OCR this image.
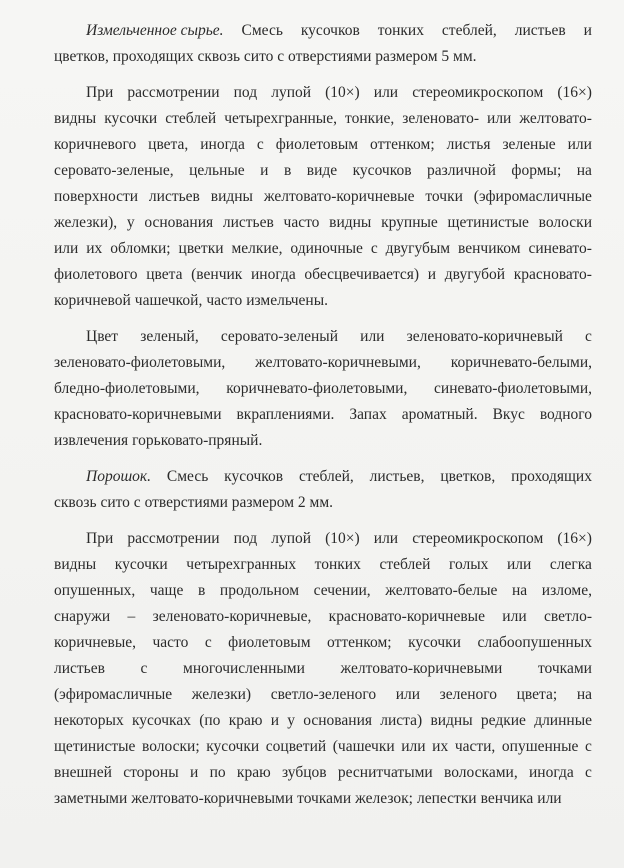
Измельченное сырье. Смесь кусочков тонких стеблей, листьев и
цветков, проходящих сквозь сито с отверстиями размером 5 мм.
При рассмотрении под лупой (10×) или стереомикроскопом (16×)
видны кусочки стеблей четырехгранные, тонкие, зеленовато- или желтовато-
коричневого цвета, иногда с фиолетовым оттенком; листья зеленые или
серовато-зеленые, цельные и в виде кусочков различной формы; на
поверхности листьев видны желтовато-коричневые точки (эфиромасличные
железки), у основания листьев часто видны крупные щетинистые волоски
или их обломки; цветки мелкие, одиночные с двугубым венчиком синевато-
фиолетового цвета (венчик иногда обесцвечивается) и двугубой красновато-
коричневой чашечкой, часто измельчены.
Цвет зеленый, серовато-зеленый или зеленовато-коричневый с
зеленовато-фиолетовыми, желтовато-коричневыми, коричневато-белыми,
бледно-фиолетовыми, коричневато-фиолетовыми, синевато-фиолетовыми,
красновато-коричневыми вкраплениями. Запах ароматный. Вкус водного
извлечения горьковато-пряный.
Порошок. Смесь кусочков стеблей, листьев, цветков, проходящих
сквозь сито с отверстиями размером 2 мм.
При рассмотрении под лупой (10×) или стереомикроскопом (16×)
видны кусочки четырехгранных тонких стеблей голых или слегка
опушенных, чаще в продольном сечении, желтовато-белые на изломе,
снаружи – зеленовато-коричневые, красновато-коричневые или светло-
коричневые, часто с фиолетовым оттенком; кусочки слабоопушенных
листьев с многочисленными желтовато-коричневыми точками
(эфиромасличные железки) светло-зеленого или зеленого цвета; на
некоторых кусочках (по краю и у основания листа) видны редкие длинные
щетинистые волоски; кусочки соцветий (чашечки или их части, опушенные с
внешней стороны и по краю зубцов реснитчатыми волосками, иногда с
заметными желтовато-коричневыми точками железок; лепестки венчика или
